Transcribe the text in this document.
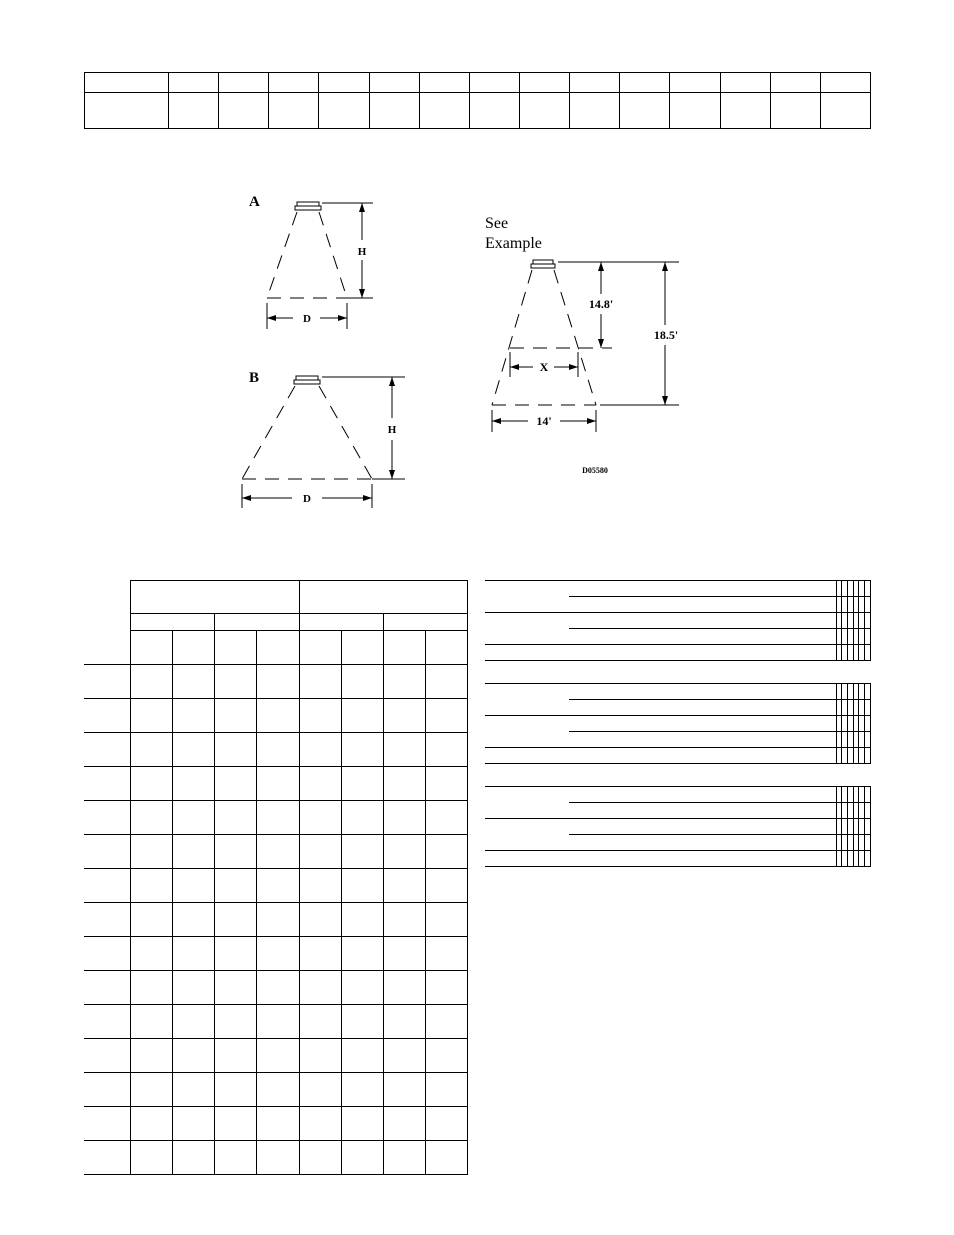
A
H
D
B
H
D
See
Example
14.8'
18.5'
X
14'
D05580
